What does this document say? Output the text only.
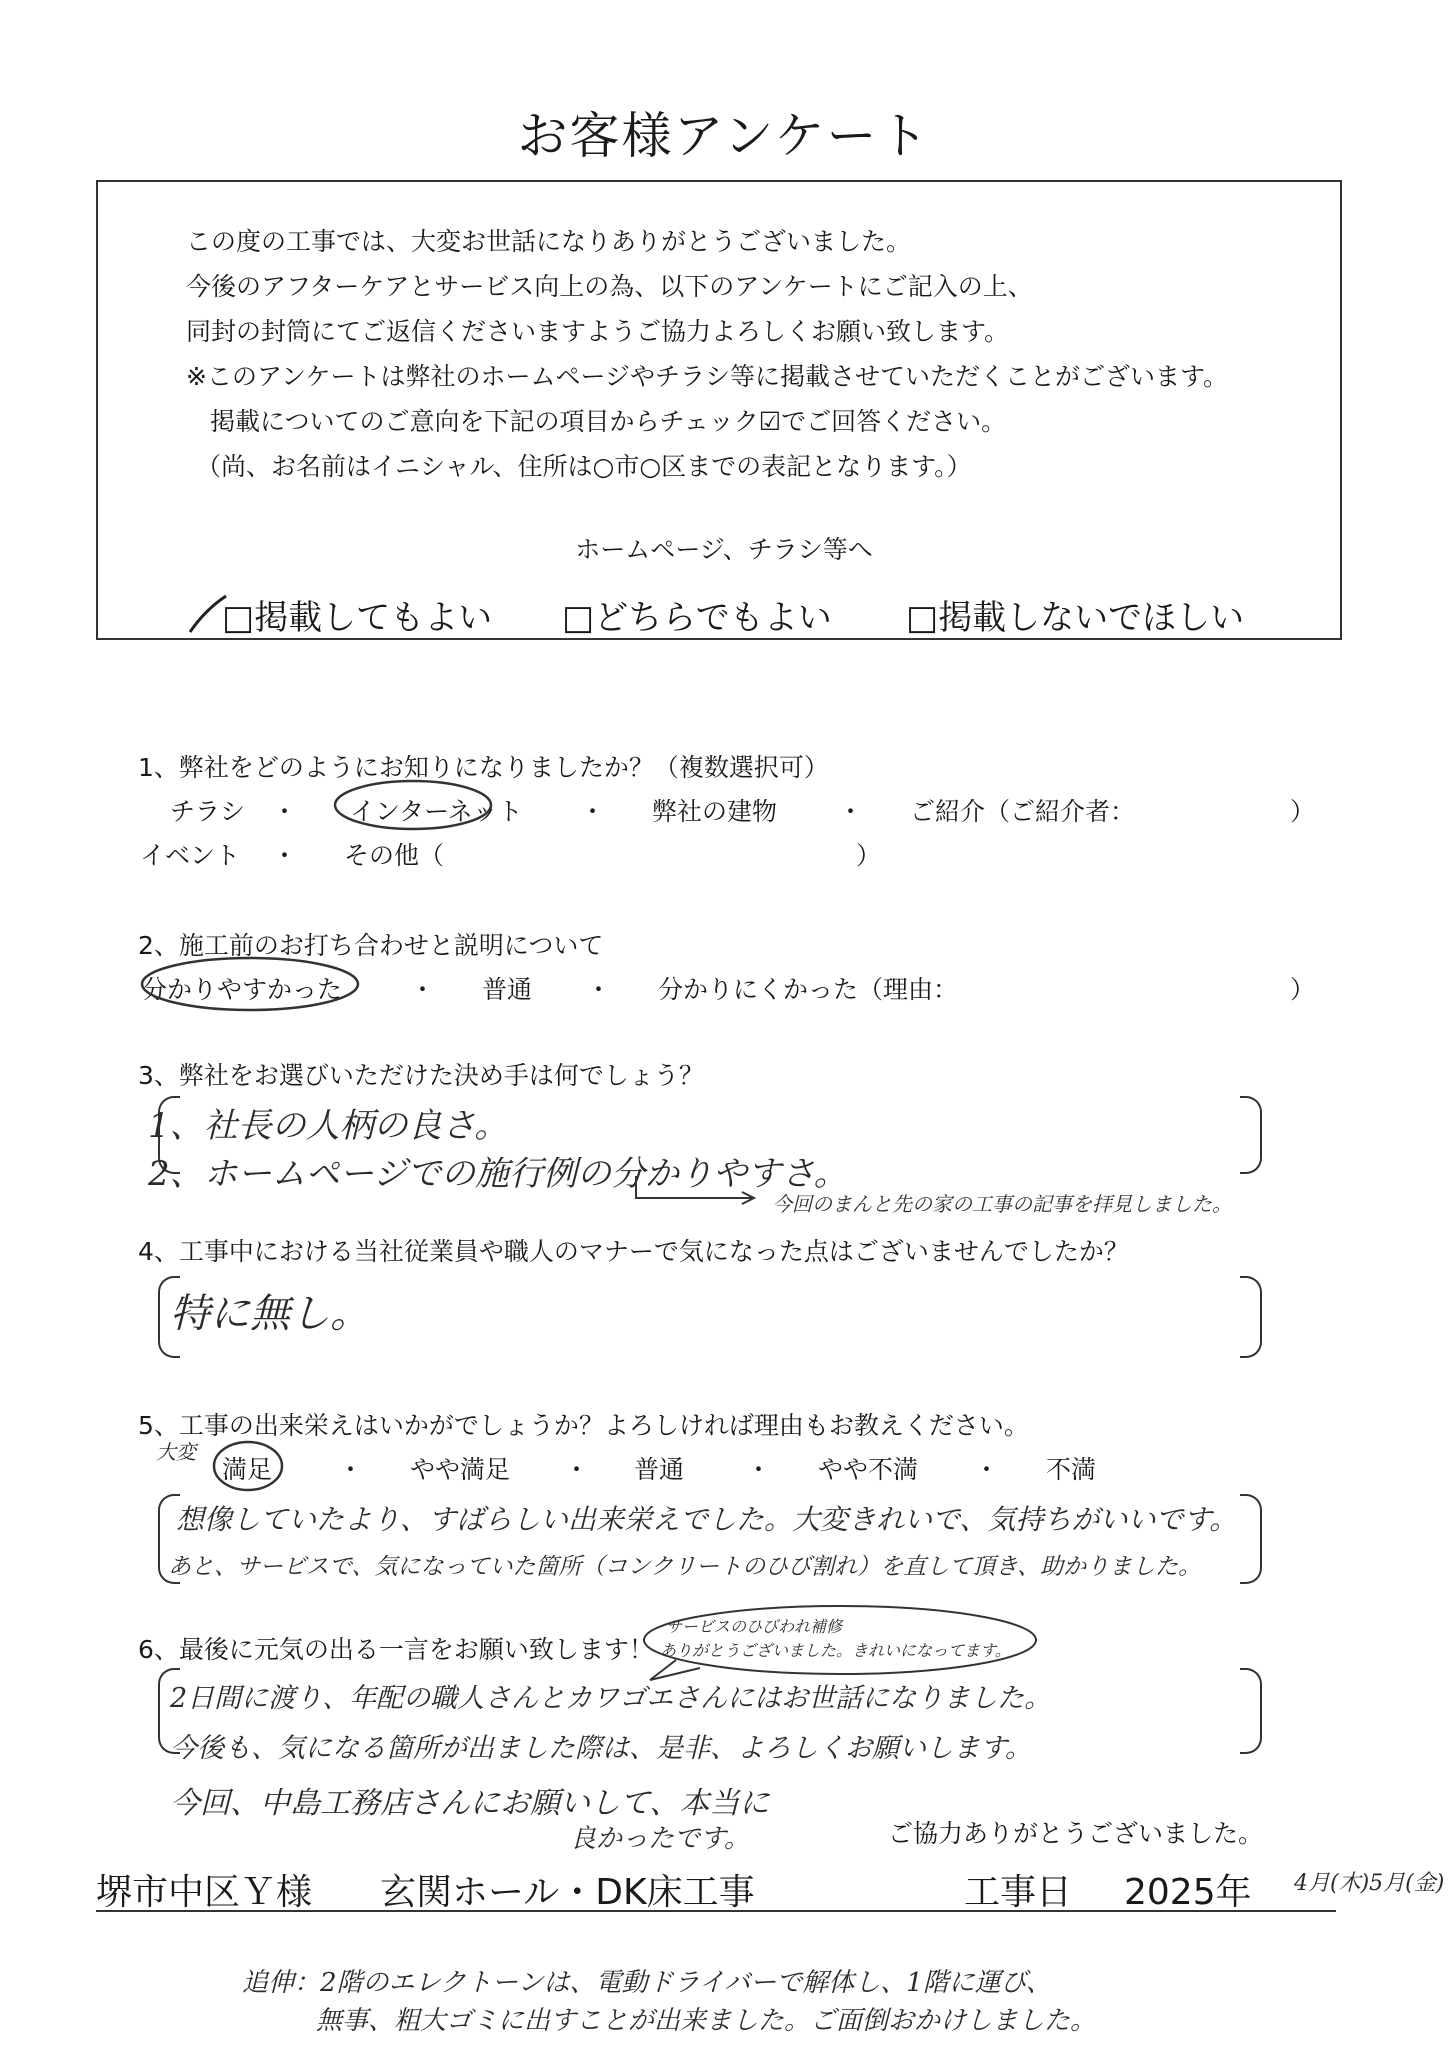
お客様アンケート
この度の工事では、大変お世話になりありがとうございました。
今後のアフターケアとサービス向上の為、以下のアンケートにご記入の上、
同封の封筒にてご返信くださいますようご協力よろしくお願い致します。
※このアンケートは弊社のホームページやチラシ等に掲載させていただくことがございます。
掲載についてのご意向を下記の項目からチェック☑でご回答ください。
（尚、お名前はイニシャル、住所は○市○区までの表記となります。）
ホームページ、チラシ等へ
□掲載してもよい □どちらでもよい □掲載しないでほしい
1、弊社をどのようにお知りになりましたか？（複数選択可）
チラシ ・ インターネット ・ 弊社の建物 ・ ご紹介（ご紹介者：	）
イベント ・ その他（	）
2、施工前のお打ち合わせと説明について
分かりやすかった	・ 普通 ・ 分かりにくかった（理由：	）
3、弊社をお選びいただけた決め手は何でしょう？
1、社長の人柄の良さ。
2、ホームページでの施行例の分かりやすさ。
今回のまんと先の家の工事の記事を拝見しました。
4、工事中における当社従業員や職人のマナーで気になった点はございませんでしたか？
特に無し。
5、工事の出来栄えはいかがでしょうか？よろしければ理由もお教えください。
大変
満足	・ やや満足 ・ 普通 ・ やや不満 ・ 不満
想像していたより、すばらしい出来栄えでした。大変きれいで、気持ちがいいです。
あと、サービスで、気になっていた箇所（コンクリートのひび割れ）を直して頂き、助かりました。
6、最後に元気の出る一言をお願い致します！
サービスのひびわれ補修
ありがとうございました。きれいになってます。
2日間に渡り、年配の職人さんとカワゴエさんにはお世話になりました。
今後も、気になる箇所が出ました際は、是非、よろしくお願いします。
今回、中島工務店さんにお願いして、本当に
良かったです。	ご協力ありがとうございました。
堺市中区Ｙ様 玄関ホール・DK床工事	工事日 2025年 4月(木)5月(金)
追伸：2階のエレクトーンは、電動ドライバーで解体し、1階に運び、
無事、粗大ゴミに出すことが出来ました。ご面倒おかけしました。
